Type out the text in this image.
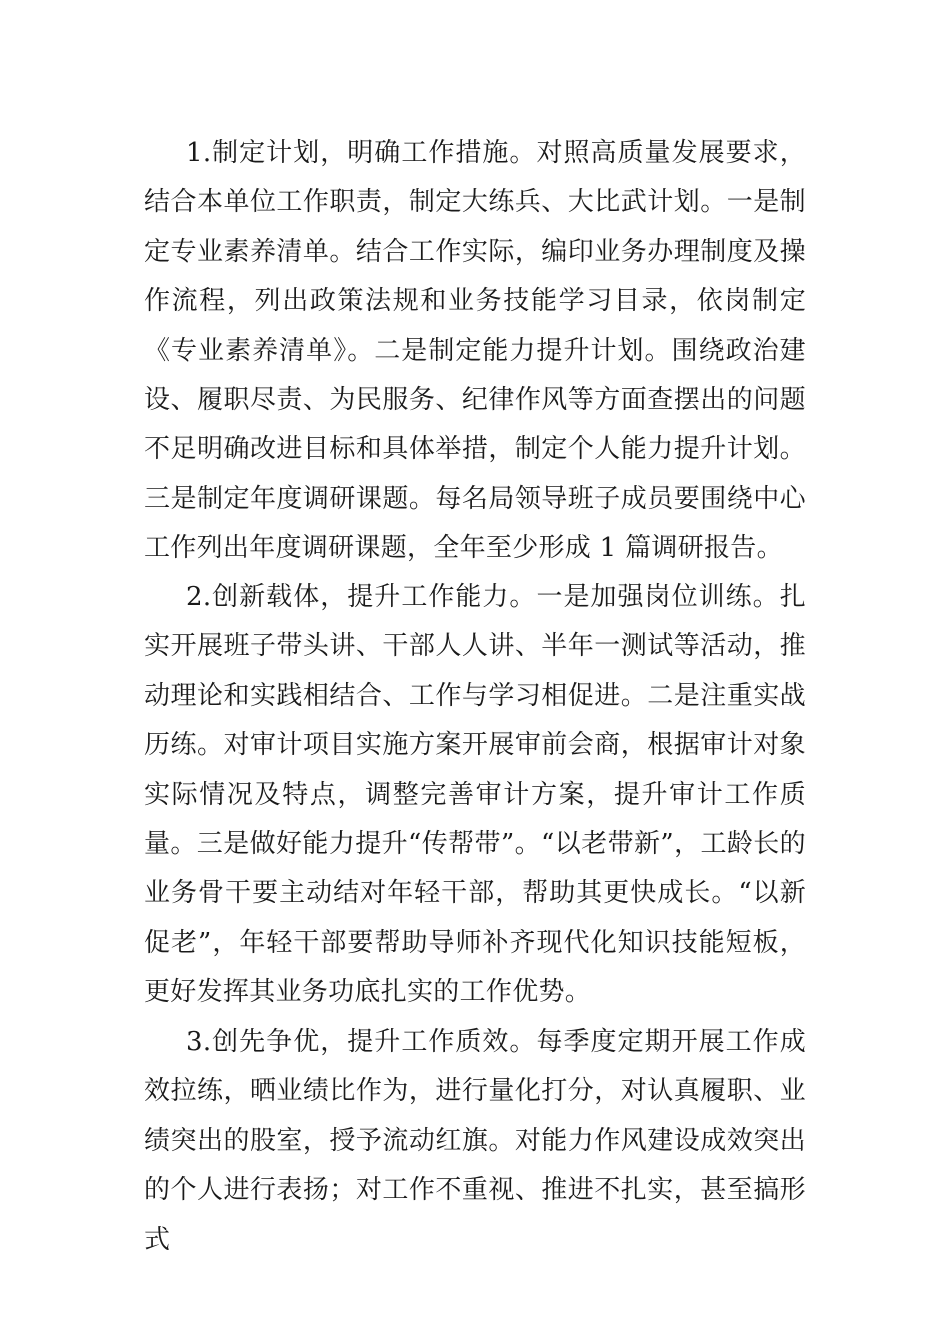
1.制定计划，明确工作措施。对照高质量发展要求，结合本单位工作职责，制定大练兵、大比武计划。一是制定专业素养清单。结合工作实际，编印业务办理制度及操作流程，列出政策法规和业务技能学习目录，依岗制定《专业素养清单》。二是制定能力提升计划。围绕政治建设、履职尽责、为民服务、纪律作风等方面查摆出的问题不足明确改进目标和具体举措，制定个人能力提升计划。三是制定年度调研课题。每名局领导班子成员要围绕中心工作列出年度调研课题，全年至少形成 1 篇调研报告。

2.创新载体，提升工作能力。一是加强岗位训练。扎实开展班子带头讲、干部人人讲、半年一测试等活动，推动理论和实践相结合、工作与学习相促进。二是注重实战历练。对审计项目实施方案开展审前会商，根据审计对象实际情况及特点，调整完善审计方案，提升审计工作质量。三是做好能力提升“传帮带”。“以老带新”，工龄长的业务骨干要主动结对年轻干部，帮助其更快成长。“以新促老”，年轻干部要帮助导师补齐现代化知识技能短板，更好发挥其业务功底扎实的工作优势。

3.创先争优，提升工作质效。每季度定期开展工作成效拉练，晒业绩比作为，进行量化打分，对认真履职、业绩突出的股室，授予流动红旗。对能力作风建设成效突出的个人进行表扬；对工作不重视、推进不扎实，甚至搞形式
